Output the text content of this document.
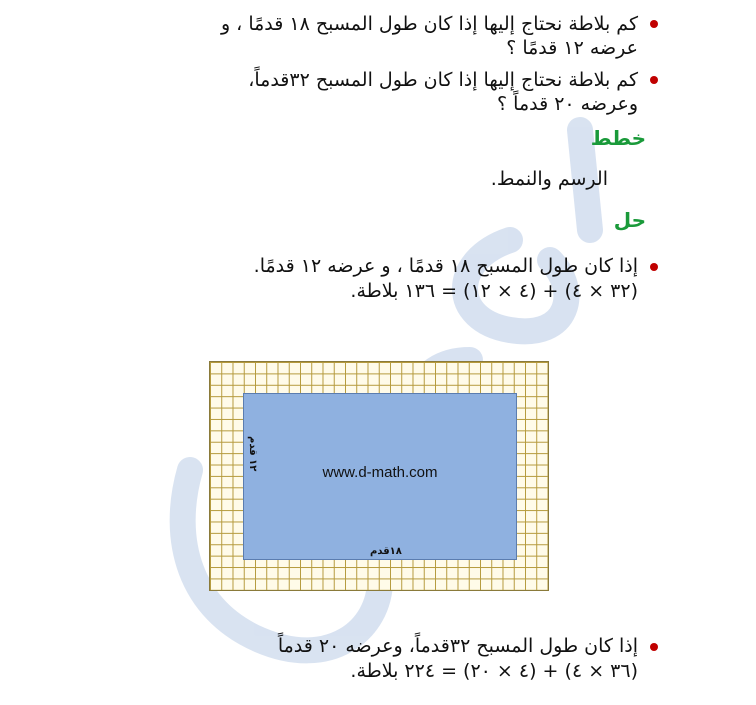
كم بلاطة نحتاج إليها إذا كان طول المسبح ١٨ قدمًا ، و
عرضه ١٢ قدمًا ؟
كم بلاطة نحتاج إليها إذا كان طول المسبح ٣٢قدماً،
وعرضه ٢٠ قدماً ؟
خطط
الرسم والنمط.
حل
إذا كان طول المسبح ١٨ قدمًا ، و عرضه ١٢ قدمًا.
(٣٢ × ٤) + (٤ × ١٢) = ١٣٦ بلاطة.
www.d-math.com
١٨قدم
١٢ قدم
إذا كان طول المسبح ٣٢قدماً، وعرضه ٢٠ قدماً
(٣٦ × ٤) + (٤ × ٢٠) = ٢٢٤ بلاطة.
